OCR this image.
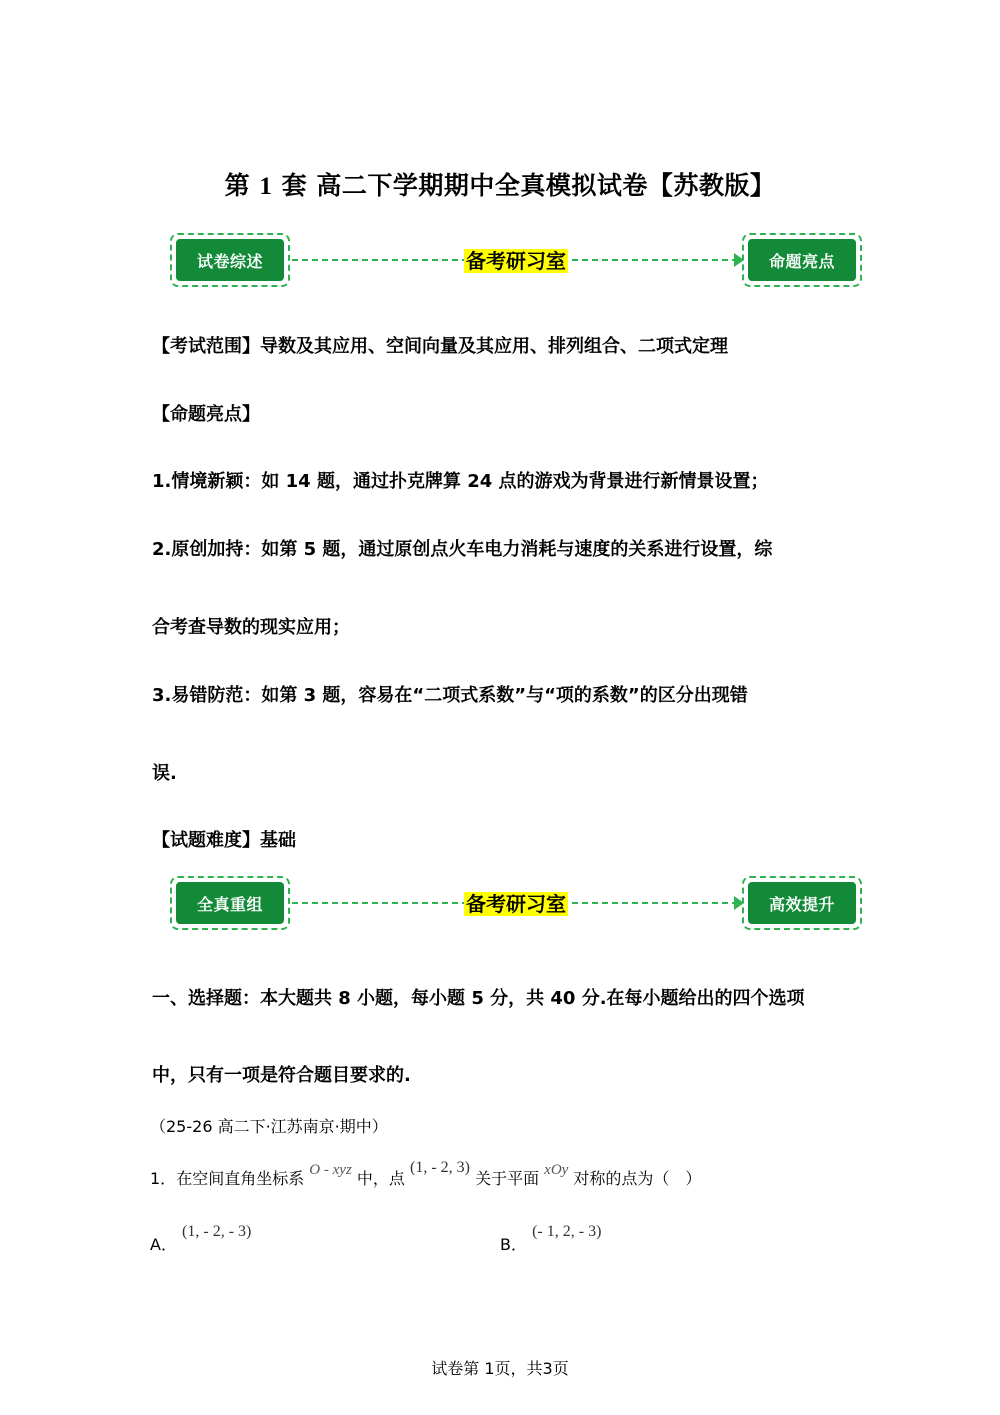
第 1 套 高二下学期期中全真模拟试卷【苏教版】
备考研习室
试卷综述	命题亮点
【考试范围】导数及其应用、空间向量及其应用、排列组合、二项式定理
【命题亮点】
1.情境新颖：如 14 题，通过扑克牌算 24 点的游戏为背景进行新情景设置；
2.原创加持：如第 5 题，通过原创点火车电力消耗与速度的关系进行设置，综
合考查导数的现实应用；
3.易错防范：如第 3 题，容易在“二项式系数”与“项的系数”的区分出现错
误.
【试题难度】基础
备考研习室
全真重组	高效提升
一、选择题：本大题共 8 小题，每小题 5 分，共 40 分.在每小题给出的四个选项
中，只有一项是符合题目要求的.
（25-26 高二下·江苏南京·期中）
1．在空间直角坐标系 O - xyz 中，点 (1, - 2, 3) 关于平面 xOy 对称的点为（　）
A． (1, - 2, - 3)
B． (- 1, 2, - 3)
试卷第 1页，共3页
